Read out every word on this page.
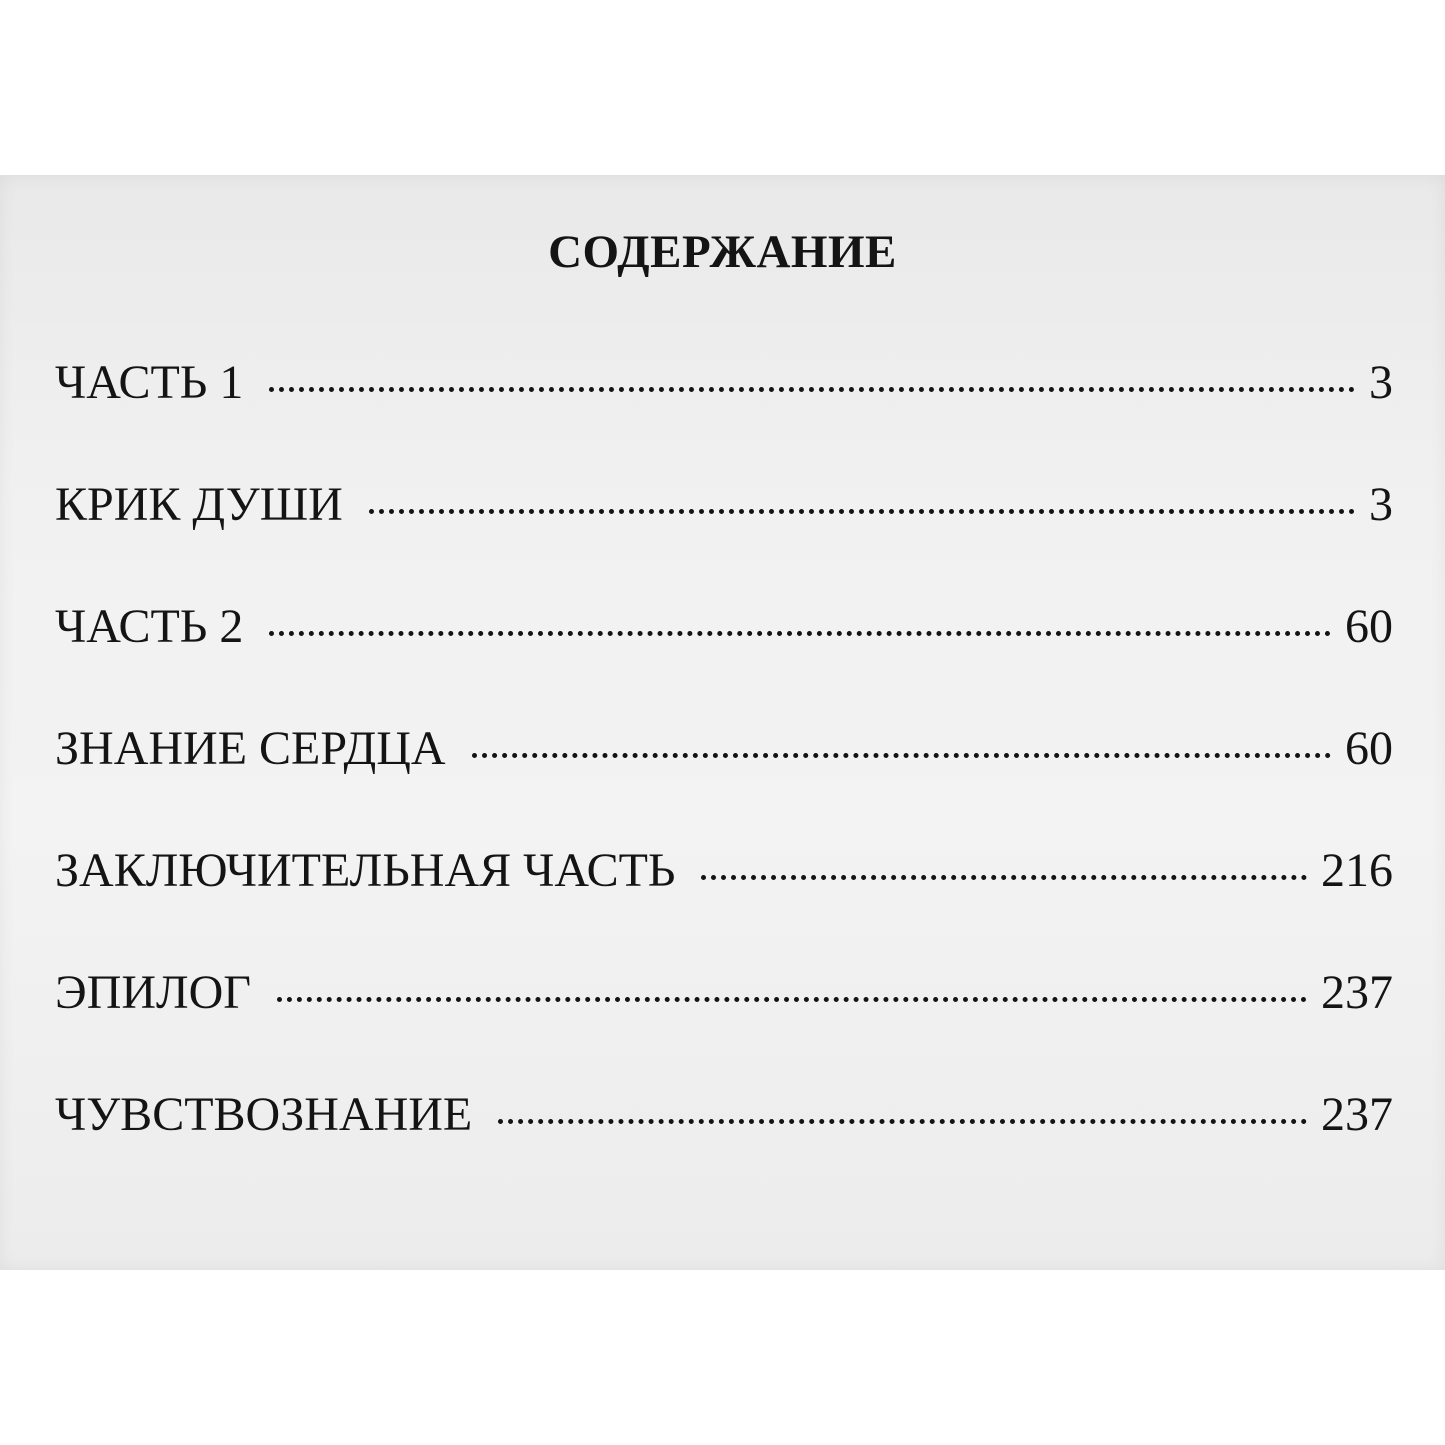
СОДЕРЖАНИЕ
ЧАСТЬ 1	3
КРИК ДУШИ	3
ЧАСТЬ 2	60
ЗНАНИЕ СЕРДЦА	60
ЗАКЛЮЧИТЕЛЬНАЯ ЧАСТЬ	216
ЭПИЛОГ	237
ЧУВСТВОЗНАНИЕ	237
